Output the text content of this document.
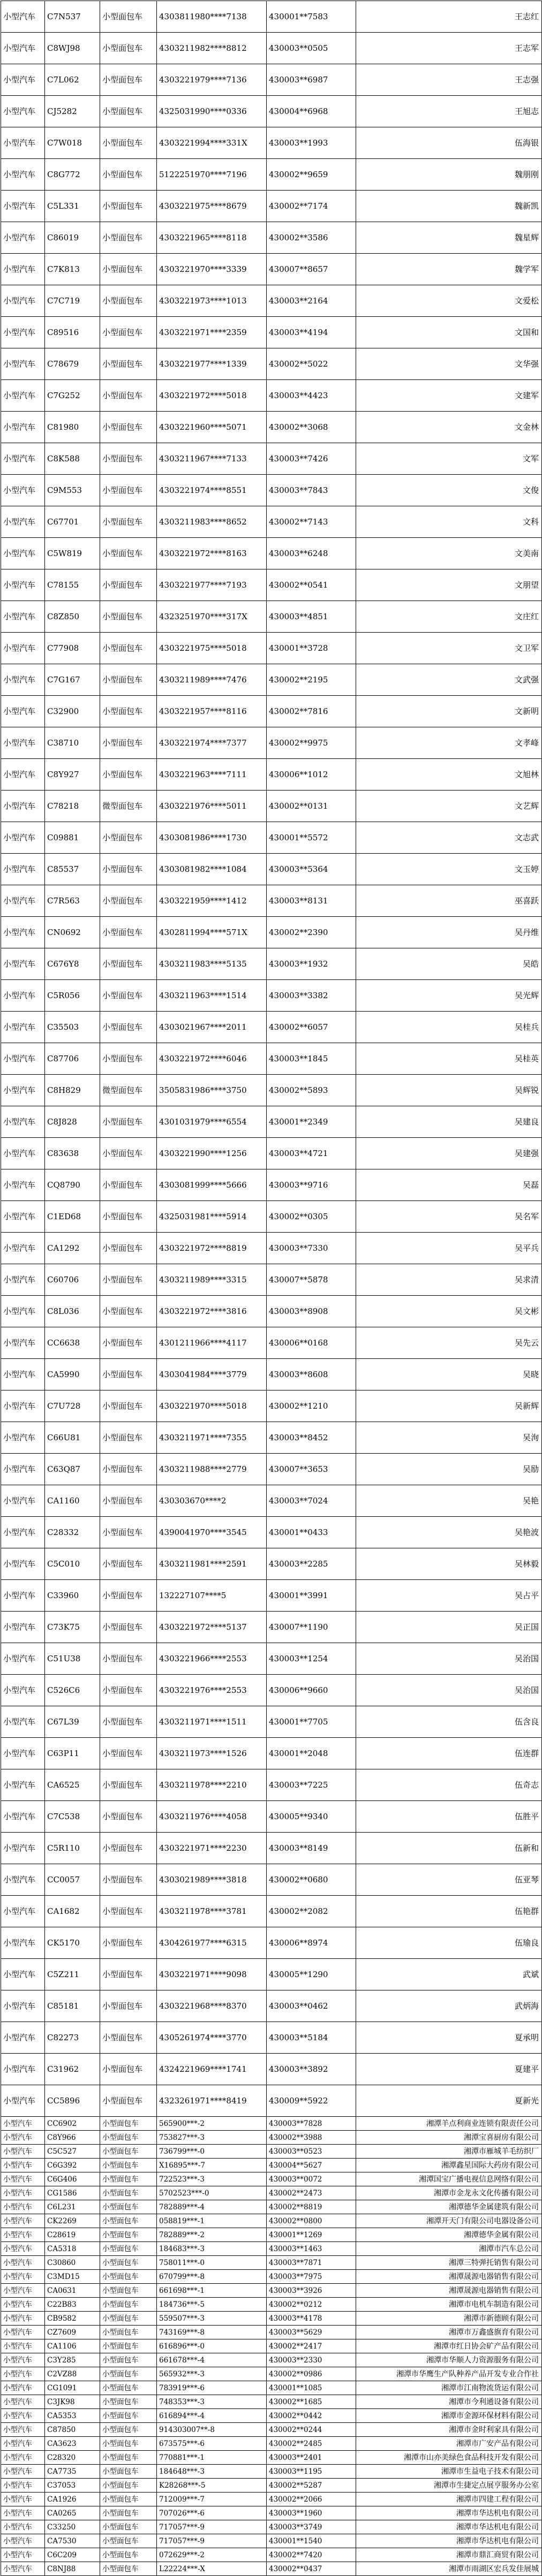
小型汽车	C7N537	小型面包车	4303811980****7138	430001**7583	王志红
小型汽车	C8WJ98	小型面包车	4303211982****8812	430003**0505	王志军
小型汽车	C7L062	小型面包车	4303221979****7136	430003**6987	王志强
小型汽车	CJ5282	小型面包车	4325031990****0336	430004**6968	王旭志
小型汽车	C7W018	小型面包车	4303221994****331X	430003**1993	伍海银
小型汽车	C8G772	小型面包车	5122251970****7196	430002**9659	魏朋刚
小型汽车	C5L331	小型面包车	4303221975****8679	430002**7174	魏新凯
小型汽车	C86019	小型面包车	4303221965****8118	430002**3586	魏星辉
小型汽车	C7K813	小型面包车	4303221970****3339	430007**8657	魏学军
小型汽车	C7C719	小型面包车	4303221973****1013	430003**2164	文爱松
小型汽车	C89516	小型面包车	4303221971****2359	430003**4194	文国和
小型汽车	C78679	小型面包车	4303221977****1339	430002**5022	文华强
小型汽车	C7G252	小型面包车	4303221972****5018	430003**4423	文建军
小型汽车	C81980	小型面包车	4303221960****5071	430002**3068	文金林
小型汽车	C8K588	小型面包车	4303211967****7133	430003**7426	文军
小型汽车	C9M553	小型面包车	4303221974****8551	430003**7843	文俊
小型汽车	C67701	小型面包车	4303211983****8652	430002**7143	文科
小型汽车	C5W819	小型面包车	4303221972****8163	430003**6248	文美南
小型汽车	C78155	小型面包车	4303221977****7193	430002**0541	文朋望
小型汽车	C8Z850	小型面包车	4323251970****317X	430003**4851	文庄红
小型汽车	C77908	小型面包车	4303221975****5018	430001**3728	文卫军
小型汽车	C7G167	小型面包车	4303211989****7476	430002**2195	文武强
小型汽车	C32900	小型面包车	4303221957****8116	430002**7816	文新明
小型汽车	C38710	小型面包车	4303221974****7377	430002**9975	文孝峰
小型汽车	C8Y927	小型面包车	4303221963****7111	430006**1012	文旭林
小型汽车	C78218	微型面包车	4303221976****5011	430002**0131	文艺辉
小型汽车	C09881	小型面包车	4303081986****1730	430001**5572	文志武
小型汽车	C85537	小型面包车	4303081982****1084	430003**5364	文玉婷
小型汽车	C7R563	小型面包车	4303221959****1412	430003**8131	巫喜跃
小型汽车	CN0692	小型面包车	4302811994****571X	430002**2390	吴丹维
小型汽车	C676Y8	小型面包车	4303211983****5135	430003**1932	吴皓
小型汽车	C5R056	小型面包车	4303211963****1514	430003**3382	吴光辉
小型汽车	C35503	小型面包车	4303021967****2011	430002**6057	吴桂兵
小型汽车	C87706	小型面包车	4303221972****6046	430003**1845	吴桂英
小型汽车	C8H829	微型面包车	3505831986****3750	430002**5893	吴辉锐
小型汽车	C8J828	小型面包车	4301031979****6554	430001**2349	吴建良
小型汽车	C83638	小型面包车	4303221990****1256	430003**4721	吴建强
小型汽车	CQ8790	小型面包车	4303081999****5666	430003**9716	吴磊
小型汽车	C1ED68	小型面包车	4325031981****5914	430002**0305	吴名军
小型汽车	CA1292	小型面包车	4303221972****8819	430003**7330	吴平兵
小型汽车	C60706	小型面包车	4303211989****3315	430007**5878	吴求清
小型汽车	C8L036	小型面包车	4303221972****3816	430003**8908	吴文彬
小型汽车	CC6638	小型面包车	4301211966****4117	430006**0168	吴先云
小型汽车	CA5990	小型面包车	4303041984****3779	430003**8608	吴晓
小型汽车	C7U728	小型面包车	4303221970****5018	430002**1210	吴新辉
小型汽车	C66U81	小型面包车	4303211971****7355	430003**8452	吴洵
小型汽车	C63Q87	小型面包车	4303211988****2779	430007**3653	吴励
小型汽车	CA1160	小型面包车	430303670****2	430003**7024	吴艳
小型汽车	C28332	小型面包车	4390041970****3545	430001**0433	吴艳波
小型汽车	C5C010	小型面包车	4303211981****2591	430003**2285	吴林毅
小型汽车	C33960	小型面包车	132227107****5	430001**3991	吴占平
小型汽车	C73K75	小型面包车	4303221972****5137	430007**1190	吴正国
小型汽车	C51U38	小型面包车	4303221966****2553	430003**1254	吴治国
小型汽车	C526C6	小型面包车	4303221976****2553	430006**9660	吴治国
小型汽车	C67L39	小型面包车	4303211971****1511	430001**7705	伍含良
小型汽车	C63P11	小型面包车	4303211973****1526	430001**2048	伍连群
小型汽车	CA6525	小型面包车	4303211978****2210	430003**7225	伍奇志
小型汽车	C7C538	小型面包车	4303211976****4058	430005**9340	伍胜平
小型汽车	C5R110	小型面包车	4303221971****2230	430003**8149	伍新和
小型汽车	CC0057	小型面包车	4303021989****3818	430002**0680	伍亚琴
小型汽车	CA1682	小型面包车	4303211978****3781	430002**2082	伍艳群
小型汽车	CK5170	小型面包车	4304261977****6315	430006**8974	伍瑜良
小型汽车	C5Z211	小型面包车	4303221971****9098	430005**1290	武斌
小型汽车	C85181	小型面包车	4303221968****8370	430003**0462	武炳海
小型汽车	C82273	小型面包车	4305261974****3770	430003**5184	夏承明
小型汽车	C31962	小型面包车	4324221969****1741	430003**3892	夏建平
小型汽车	CC5896	小型面包车	4323261971****8419	430009**5922	夏新光
小型汽车	CC6902	小型面包车	565900***-2	430003**7828	湘潭羊点利商业连锁有限责任公司
小型汽车	C8Y966	小型面包车	753827***-3	430002**3988	湘潭宝喜厨房有限公司
小型汽车	C5C527	小型面包车	736799***-0	430003**0523	湘潭市雁城羊毛纺织厂
小型汽车	C6G392	小型面包车	X16895***-7	430004**5627	湘潭鑫星国际大药房有限公司
小型汽车	C6G406	小型面包车	722523***-3	430003**0072	湘潭国宝广播电视信息网络有限公司
小型汽车	CG1586	小型面包车	5702523***-0	430002**2473	湘潭市金龙永文化传播有限公司
小型汽车	C6L231	小型面包车	782889***-4	430002**8819	湘潭德华金属建筑有限公司
小型汽车	CK2269	小型面包车	058819***-1	430002**0800	湘潭开天门有限公司电器设备公司
小型汽车	C28619	小型面包车	782889***-2	430001**1269	湘潭德华金属有限公司
小型汽车	CA5318	小型面包车	184683***-3	430003**1463	湘潭市汽车总公司
小型汽车	C30860	小型面包车	758011***-0	430003**7871	湘潭三特弹托销售有限公司
小型汽车	C3MD15	小型面包车	670799***-8	430003**7975	湘潭晟源电器销售有限公司
小型汽车	CA0631	小型面包车	661698***-1	430003**3926	湘潭晟源电器销售有限公司
小型汽车	C22B83	小型面包车	184736***-5	430002**0212	湘潭市电机车制造有限公司
小型汽车	CB9582	小型面包车	559507***-3	430003**4178	湘潭市新德顾有限公司
小型汽车	CZ7609	小型面包车	743169***-8	430003**5629	湘潭市万鑫盛旗育有限公司
小型汽车	CA1106	小型面包车	616896***-0	430002**2417	湘潭市红日协会矿产品有限公司
小型汽车	C3Y285	小型面包车	661678***-4	430003**2330	湘潭市华顺人力资源服务有限公司
小型汽车	C2VZ88	小型面包车	565932***-3	430002**0986	湘潭市华鹰生产队种养产品开发专业合作社
小型汽车	CG1091	小型面包车	783919***-6	430001**1085	湘潭市江南物流货运有限公司
小型汽车	C3JK98	小型面包车	748353***-3	430002**1685	湘潭市今利通设备有限公司
小型汽车	CA5353	小型面包车	616894***-4	430002**0442	湘潭市金源环保材料有限公司
小型汽车	C87850	小型面包车	914303007**-8	430002**0244	湘潭市金时利家具有限公司
小型汽车	CA3623	小型面包车	673575***-6	430002**2485	湘潭市广安产品有限公司
小型汽车	C28320	小型面包车	770881***-1	430003**2401	湘潭市山亦美绿色食品科技开发有限公司
小型汽车	CA7735	小型面包车	184648***-3	430003**1195	湘潭市生益电子技术有限公司
小型汽车	C37053	小型面包车	K28268***-5	430002**5287	湘潭市生捷定点展亨服务办公室
小型汽车	CA1926	小型面包车	712009***-7	430002**2066	湘潭市四建工程有限公司
小型汽车	CA0265	小型面包车	707026***-6	430003**1960	湘潭市华达机电有限公司
小型汽车	C33250	小型面包车	717057***-9	430003**3749	湘潭市华达机电有限公司
小型汽车	CA7530	小型面包车	717057***-9	430001**1540	湘潭市华达机电有限公司
小型汽车	C6C209	小型面包车	072629***-2	430002**7420	湘潭市鼎汇商贸有限公司
小型汽车	C8NJ88	小型面包车	L22224***-X	430002**0437	湘潭市雨湖区宏兵发佳展城
